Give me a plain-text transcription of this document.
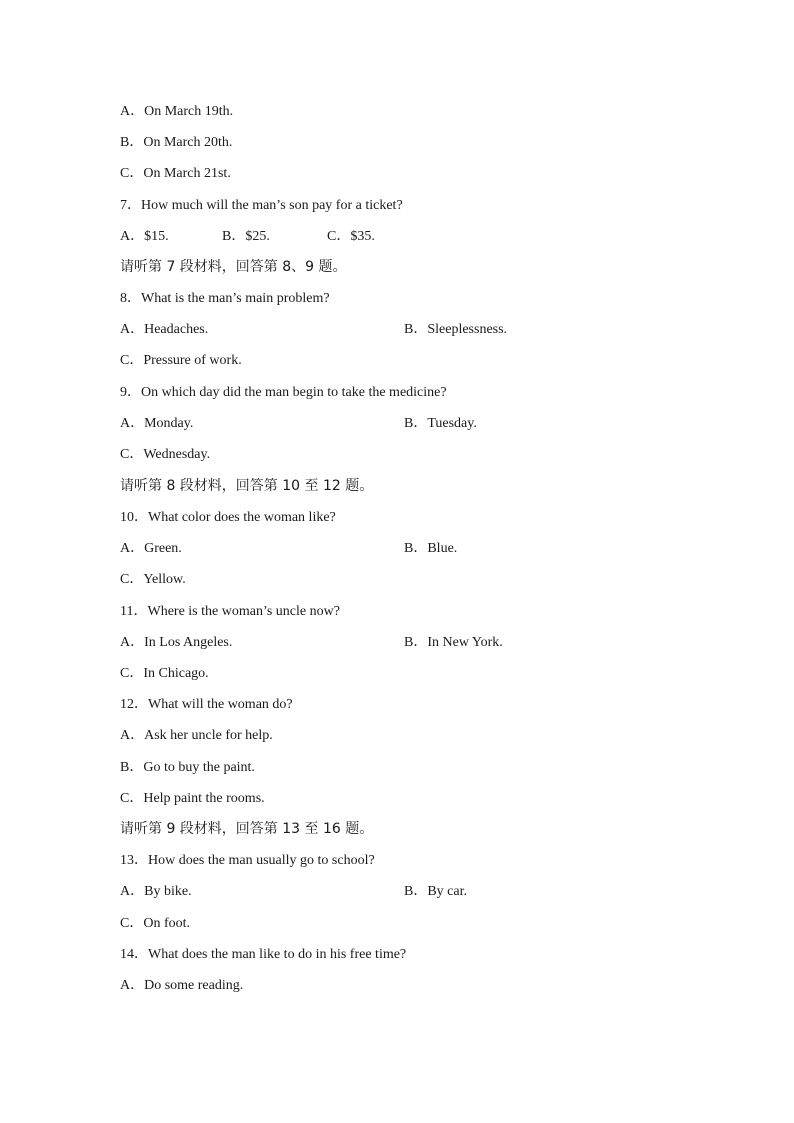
A．On March 19th.
B．On March 20th.
C．On March 21st.
7．How much will the man’s son pay for a ticket?
A．$15.	B．$25.	C．$35.
请听第 7 段材料，回答第 8、9 题。
8．What is the man’s main problem?
A．Headaches.	B．Sleeplessness.
C．Pressure of work.
9．On which day did the man begin to take the medicine?
A．Monday.	B．Tuesday.
C．Wednesday.
请听第 8 段材料，回答第 10 至 12 题。
10．What color does the woman like?
A．Green.	B．Blue.
C．Yellow.
11．Where is the woman’s uncle now?
A．In Los Angeles.	B．In New York.
C．In Chicago.
12．What will the woman do?
A．Ask her uncle for help.
B．Go to buy the paint.
C．Help paint the rooms.
请听第 9 段材料，回答第 13 至 16 题。
13．How does the man usually go to school?
A．By bike.	B．By car.
C．On foot.
14．What does the man like to do in his free time?
A．Do some reading.
